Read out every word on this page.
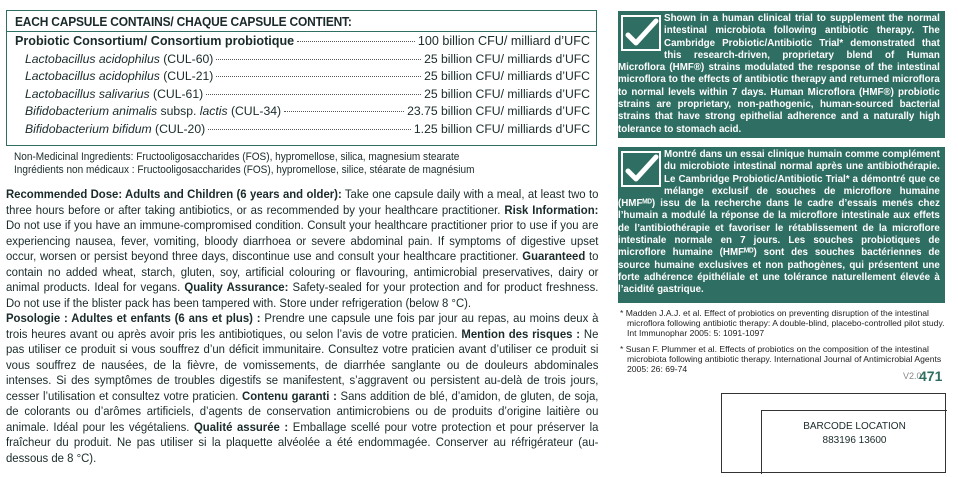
EACH CAPSULE CONTAINS/ CHAQUE CAPSULE CONTIENT:
Probiotic Consortium/ Consortium probiotique	100 billion CFU/ milliard d’UFC
Lactobacillus acidophilus (CUL-60)	25 billion CFU/ milliards d’UFC
Lactobacillus acidophilus (CUL-21)	25 billion CFU/ milliards d’UFC
Lactobacillus salivarius (CUL-61)	25 billion CFU/ milliards d’UFC
Bifidobacterium animalis subsp. lactis (CUL-34)	23.75 billion CFU/ milliards d’UFC
Bifidobacterium bifidum (CUL-20)	1.25 billion CFU/ milliards d’UFC
Non-Medicinal Ingredients: Fructooligosaccharides (FOS), hypromellose, silica, magnesium stearate
Ingrédients non médicaux : Fructooligosaccharides (FOS), hypromellose, silice, stéarate de magnésium
Recommended Dose: Adults and Children (6 years and older): Take one capsule daily with a meal, at least two to three hours before or after taking antibiotics, or as recommended by your healthcare practitioner. Risk Information: Do not use if you have an immune-compromised condition. Consult your healthcare practitioner prior to use if you are experiencing nausea, fever, vomiting, bloody diarrhoea or severe abdominal pain. If symptoms of digestive upset occur, worsen or persist beyond three days, discontinue use and consult your healthcare practitioner. Guaranteed to contain no added wheat, starch, gluten, soy, artificial colouring or flavouring, antimicrobial preservatives, dairy or animal products. Ideal for vegans. Quality Assurance: Safety-sealed for your protection and for product freshness. Do not use if the blister pack has been tampered with. Store under refrigeration (below 8 °C).
Posologie : Adultes et enfants (6 ans et plus) : Prendre une capsule une fois par jour au repas, au moins deux à trois heures avant ou après avoir pris les antibiotiques, ou selon l’avis de votre praticien. Mention des risques : Ne pas utiliser ce produit si vous souffrez d’un déficit immunitaire. Consultez votre praticien avant d’utiliser ce produit si vous souffrez de nausées, de la fièvre, de vomissements, de diarrhée sanglante ou de douleurs abdominales intenses. Si des symptômes de troubles digestifs se manifestent, s’aggravent ou persistent au-delà de trois jours, cesser l’utilisation et consultez votre praticien. Contenu garanti : Sans addition de blé, d’amidon, de gluten, de soja, de colorants ou d’arômes artificiels, d’agents de conservation antimicrobiens ou de produits d’origine laitière ou animale. Idéal pour les végétaliens. Qualité assurée : Emballage scellé pour votre protection et pour préserver la fraîcheur du produit. Ne pas utiliser si la plaquette alvéolée a été endommagée. Conserver au réfrigérateur (au-dessous de 8 °C).
Shown in a human clinical trial to supplement the normal intestinal microbiota following antibiotic therapy. The Cambridge Probiotic/Antibiotic Trial* demonstrated that this research-driven, proprietary blend of Human Microflora (HMF®) strains modulated the response of the intestinal microflora to the effects of antibiotic therapy and returned microflora to normal levels within 7 days. Human Microflora (HMF®) probiotic strains are proprietary, non-pathogenic, human-sourced bacterial strains that have strong epithelial adherence and a naturally high tolerance to stomach acid.
Montré dans un essai clinique humain comme complément du microbiote intestinal normal après une antibiothérapie. Le Cambridge Probiotic/Antibiotic Trial* a démontré que ce mélange exclusif de souches de microflore humaine (HMFᴹᴰ) issu de la recherche dans le cadre d’essais menés chez l’humain a modulé la réponse de la microflore intestinale aux effets de l’antibiothérapie et favoriser le rétablissement de la microflore intestinale normale en 7 jours. Les souches probiotiques de microflore humaine (HMFᴹᴰ) sont des souches bactériennes de source humaine exclusives et non pathogènes, qui présentent une forte adhérence épithéliale et une tolérance naturellement élevée à l’acidité gastrique.

* Madden J.A.J. et al. Effect of probiotics on preventing disruption of the intestinal microflora following antibiotic therapy: A double-blind, placebo-controlled pilot study. Int Immunophar 2005: 5: 1091-1097

* Susan F. Plummer et al. Effects of probiotics on the composition of the intestinal microbiota following antibiotic therapy. International Journal of Antimicrobial Agents 2005: 26: 69-74

V2.0
471
BARCODE LOCATION
883196 13600
